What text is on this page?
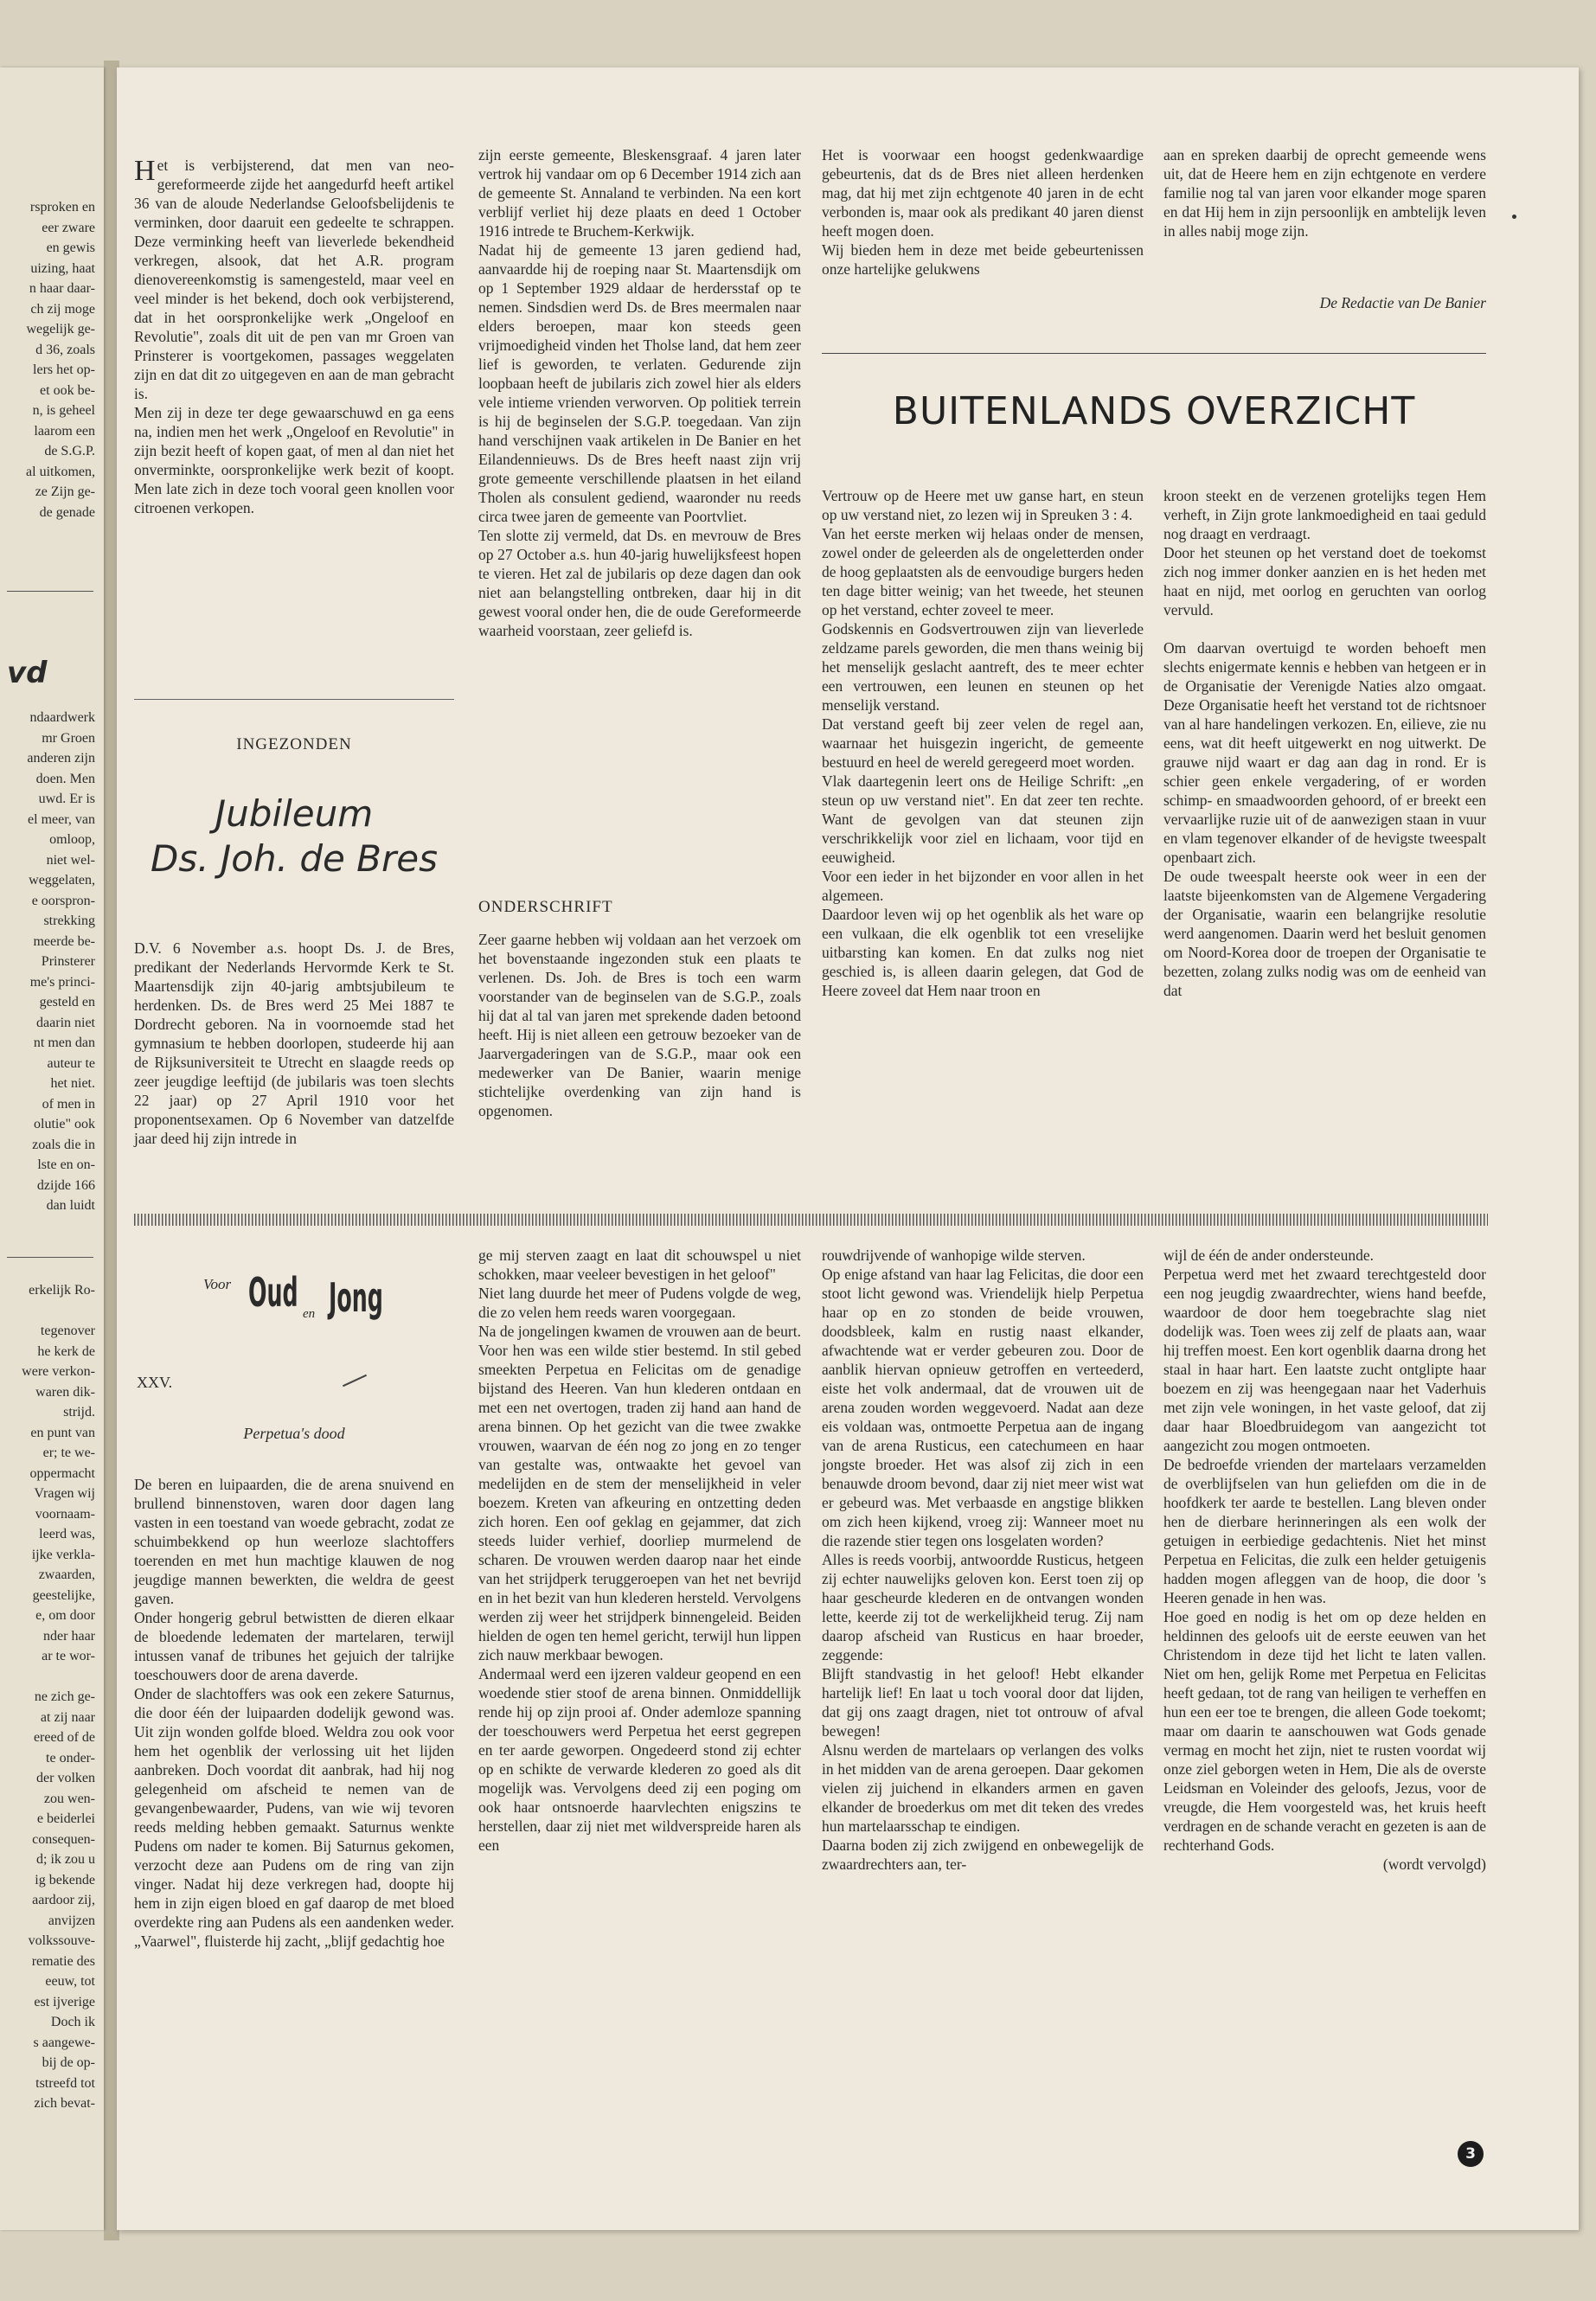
rsproken en
eer zware
en gewis
uizing, haat
n haar daar-
ch zij moge
wegelijk ge-
d 36, zoals
lers het op-
et ook be-
n, is geheel
laarom een
de S.G.P.
al uitkomen,
ze Zijn ge-
de genade
vd
ndaardwerk
mr Groen
anderen zijn
doen. Men
uwd. Er is
el meer, van
omloop,
niet wel-
weggelaten,
e oorspron-
strekking
meerde be-
Prinsterer
me's princi-
gesteld en
daarin niet
nt men dan
auteur te
het niet.
of men in
olutie" ook
zoals die in
lste en on-
dzijde 166
dan luidt
erkelijk Ro-

tegenover
he kerk de
were verkon-
waren dik-
strijd.
en punt van
er; te we-
oppermacht
Vragen wij
voornaam-
leerd was,
ijke verkla-
zwaarden,
geestelijke,
e, om door
nder haar
ar te wor-

ne zich ge-
at zij naar
ereed of de
te onder-
der volken
zou wen-
e beiderlei
consequen-
d; ik zou u
ig bekende
aardoor zij,
anvijzen
volkssouve-
rematie des
eeuw, tot
est ijverige
Doch ik
s aangewe-
bij de op-
tstreefd tot
zich bevat-

Het is verbijsterend, dat men van neo-gereformeerde zijde het aangedurfd heeft artikel 36 van de aloude Nederlandse Geloofsbelijdenis te verminken, door daaruit een gedeelte te schrappen. Deze verminking heeft van lieverlede bekendheid verkregen, alsook, dat het A.R. program dienovereenkomstig is samengesteld, maar veel en veel minder is het bekend, doch ook verbijsterend, dat in het oorspronkelijke werk „Ongeloof en Revolutie", zoals dit uit de pen van mr Groen van Prinsterer is voortgekomen, passages weggelaten zijn en dat dit zo uitgegeven en aan de man gebracht is.

Men zij in deze ter dege gewaarschuwd en ga eens na, indien men het werk „Ongeloof en Revolutie" in zijn bezit heeft of kopen gaat, of men al dan niet het onverminkte, oorspronkelijke werk bezit of koopt. Men late zich in deze toch vooral geen knollen voor citroenen verkopen.

INGEZONDEN
Jubileum
Ds. Joh. de Bres

D.V. 6 November a.s. hoopt Ds. J. de Bres, predikant der Nederlands Hervormde Kerk te St. Maartensdijk zijn 40-jarig ambtsjubileum te herdenken. Ds. de Bres werd 25 Mei 1887 te Dordrecht geboren. Na in voornoemde stad het gymnasium te hebben doorlopen, studeerde hij aan de Rijksuniversiteit te Utrecht en slaagde reeds op zeer jeugdige leeftijd (de jubilaris was toen slechts 22 jaar) op 27 April 1910 voor het proponentsexamen. Op 6 November van datzelfde jaar deed hij zijn intrede in

zijn eerste gemeente, Bleskensgraaf. 4 jaren later vertrok hij vandaar om op 6 December 1914 zich aan de gemeente St. Annaland te verbinden. Na een kort verblijf verliet hij deze plaats en deed 1 October 1916 intrede te Bruchem-Kerkwijk.

Nadat hij de gemeente 13 jaren gediend had, aanvaardde hij de roeping naar St. Maartensdijk om op 1 September 1929 aldaar de herdersstaf op te nemen. Sindsdien werd Ds. de Bres meermalen naar elders beroepen, maar kon steeds geen vrijmoedigheid vinden het Tholse land, dat hem zeer lief is geworden, te verlaten. Gedurende zijn loopbaan heeft de jubilaris zich zowel hier als elders vele intieme vrienden verworven. Op politiek terrein is hij de beginselen der S.G.P. toegedaan. Van zijn hand verschijnen vaak artikelen in De Banier en het Eilandennieuws. Ds de Bres heeft naast zijn vrij grote gemeente verschillende plaatsen in het eiland Tholen als consulent gediend, waaronder nu reeds circa twee jaren de gemeente van Poortvliet.

Ten slotte zij vermeld, dat Ds. en mevrouw de Bres op 27 October a.s. hun 40-jarig huwelijksfeest hopen te vieren. Het zal de jubilaris op deze dagen dan ook niet aan belangstelling ontbreken, daar hij in dit gewest vooral onder hen, die de oude Gereformeerde waarheid voorstaan, zeer geliefd is.

ONDERSCHRIFT

Zeer gaarne hebben wij voldaan aan het verzoek om het bovenstaande ingezonden stuk een plaats te verlenen. Ds. Joh. de Bres is toch een warm voorstander van de beginselen van de S.G.P., zoals hij dat al tal van jaren met sprekende daden betoond heeft. Hij is niet alleen een getrouw bezoeker van de Jaarvergaderingen van de S.G.P., maar ook een medewerker van De Banier, waarin menige stichtelijke overdenking van zijn hand is opgenomen.

Het is voorwaar een hoogst gedenkwaardige gebeurtenis, dat ds de Bres niet alleen herdenken mag, dat hij met zijn echtgenote 40 jaren in de echt verbonden is, maar ook als predikant 40 jaren dienst heeft mogen doen.

Wij bieden hem in deze met beide gebeurtenissen onze hartelijke gelukwens

aan en spreken daarbij de oprecht gemeende wens uit, dat de Heere hem en zijn echtgenote en verdere familie nog tal van jaren voor elkander moge sparen en dat Hij hem in zijn persoonlijk en ambtelijk leven in alles nabij moge zijn.

De Redactie van De Banier
BUITENLANDS OVERZICHT

Vertrouw op de Heere met uw ganse hart, en steun op uw verstand niet, zo lezen wij in Spreuken 3 : 4.

Van het eerste merken wij helaas onder de mensen, zowel onder de geleerden als de ongeletterden onder de hoog geplaatsten als de eenvoudige burgers heden ten dage bitter weinig; van het tweede, het steunen op het verstand, echter zoveel te meer.

Godskennis en Godsvertrouwen zijn van lieverlede zeldzame parels geworden, die men thans weinig bij het menselijk geslacht aantreft, des te meer echter een vertrouwen, een leunen en steunen op het menselijk verstand.

Dat verstand geeft bij zeer velen de regel aan, waarnaar het huisgezin ingericht, de gemeente bestuurd en heel de wereld geregeerd moet worden.

Vlak daartegenin leert ons de Heilige Schrift: „en steun op uw verstand niet". En dat zeer ten rechte. Want de gevolgen van dat steunen zijn verschrikkelijk voor ziel en lichaam, voor tijd en eeuwigheid.

Voor een ieder in het bijzonder en voor allen in het algemeen.

Daardoor leven wij op het ogenblik als het ware op een vulkaan, die elk ogenblik tot een vreselijke uitbarsting kan komen. En dat zulks nog niet geschied is, is alleen daarin gelegen, dat God de Heere zoveel dat Hem naar troon en

kroon steekt en de verzenen grotelijks tegen Hem verheft, in Zijn grote lankmoedigheid en taai geduld nog draagt en verdraagt.

Door het steunen op het verstand doet de toekomst zich nog immer donker aanzien en is het heden met haat en nijd, met oorlog en geruchten van oorlog vervuld.

Om daarvan overtuigd te worden behoeft men slechts enigermate kennis e hebben van hetgeen er in de Organisatie der Verenigde Naties alzo omgaat. Deze Organisatie heeft het verstand tot de richtsnoer van al hare handelingen verkozen. En, eilieve, zie nu eens, wat dit heeft uitgewerkt en nog uitwerkt. De grauwe nijd waart er dag aan dag in rond. Er is schier geen enkele vergadering, of er worden schimp- en smaadwoorden gehoord, of er breekt een vervaarlijke ruzie uit of de aanwezigen staan in vuur en vlam tegenover elkander of de hevigste tweespalt openbaart zich.

De oude tweespalt heerste ook weer in een der laatste bijeenkomsten van de Algemene Vergadering der Organisatie, waarin een belangrijke resolutie werd aangenomen. Daarin werd het besluit genomen om Noord-Korea door de troepen der Organisatie te bezetten, zolang zulks nodig was om de eenheid van dat

Voor Oud en Jong
XXV.
Perpetua's dood

De beren en luipaarden, die de arena snuivend en brullend binnenstoven, waren door dagen lang vasten in een toestand van woede gebracht, zodat ze schuimbekkend op hun weerloze slachtoffers toerenden en met hun machtige klauwen de nog jeugdige mannen bewerkten, die weldra de geest gaven.

Onder hongerig gebrul betwistten de dieren elkaar de bloedende ledematen der martelaren, terwijl intussen vanaf de tribunes het gejuich der talrijke toeschouwers door de arena daverde.

Onder de slachtoffers was ook een zekere Saturnus, die door één der luipaarden dodelijk gewond was. Uit zijn wonden golfde bloed. Weldra zou ook voor hem het ogenblik der verlossing uit het lijden aanbreken. Doch voordat dit aanbrak, had hij nog gelegenheid om afscheid te nemen van de gevangenbewaarder, Pudens, van wie wij tevoren reeds melding hebben gemaakt. Saturnus wenkte Pudens om nader te komen. Bij Saturnus gekomen, verzocht deze aan Pudens om de ring van zijn vinger. Nadat hij deze verkregen had, doopte hij hem in zijn eigen bloed en gaf daarop de met bloed overdekte ring aan Pudens als een aandenken weder. „Vaarwel", fluisterde hij zacht, „blijf gedachtig hoe

ge mij sterven zaagt en laat dit schouwspel u niet schokken, maar veeleer bevestigen in het geloof"

Niet lang duurde het meer of Pudens volgde de weg, die zo velen hem reeds waren voorgegaan.

Na de jongelingen kwamen de vrouwen aan de beurt. Voor hen was een wilde stier bestemd. In stil gebed smeekten Perpetua en Felicitas om de genadige bijstand des Heeren. Van hun klederen ontdaan en met een net overtogen, traden zij hand aan hand de arena binnen. Op het gezicht van die twee zwakke vrouwen, waarvan de één nog zo jong en zo tenger van gestalte was, ontwaakte het gevoel van medelijden en de stem der menselijkheid in veler boezem. Kreten van afkeuring en ontzetting deden zich horen. Een oof geklag en gejammer, dat zich steeds luider verhief, doorliep murmelend de scharen. De vrouwen werden daarop naar het einde van het strijdperk teruggeroepen van het net bevrijd en in het bezit van hun klederen hersteld. Vervolgens werden zij weer het strijdperk binnengeleid. Beiden hielden de ogen ten hemel gericht, terwijl hun lippen zich nauw merkbaar bewogen.

Andermaal werd een ijzeren valdeur geopend en een woedende stier stoof de arena binnen. Onmiddellijk rende hij op zijn prooi af. Onder ademloze spanning der toeschouwers werd Perpetua het eerst gegrepen en ter aarde geworpen. Ongedeerd stond zij echter op en schikte de verwarde klederen zo goed als dit mogelijk was. Vervolgens deed zij een poging om ook haar ontsnoerde haarvlechten enigszins te herstellen, daar zij niet met wildverspreide haren als een

rouwdrijvende of wanhopige wilde sterven.

Op enige afstand van haar lag Felicitas, die door een stoot licht gewond was. Vriendelijk hielp Perpetua haar op en zo stonden de beide vrouwen, doodsbleek, kalm en rustig naast elkander, afwachtende wat er verder gebeuren zou. Door de aanblik hiervan opnieuw getroffen en verteederd, eiste het volk andermaal, dat de vrouwen uit de arena zouden worden weggevoerd. Nadat aan deze eis voldaan was, ontmoette Perpetua aan de ingang van de arena Rusticus, een catechumeen en haar jongste broeder. Het was alsof zij zich in een benauwde droom bevond, daar zij niet meer wist wat er gebeurd was. Met verbaasde en angstige blikken om zich heen kijkend, vroeg zij: Wanneer moet nu die razende stier tegen ons losgelaten worden?

Alles is reeds voorbij, antwoordde Rusticus, hetgeen zij echter nauwelijks geloven kon. Eerst toen zij op haar gescheurde klederen en de ontvangen wonden lette, keerde zij tot de werkelijkheid terug. Zij nam daarop afscheid van Rusticus en haar broeder, zeggende:

Blijft standvastig in het geloof! Hebt elkander hartelijk lief! En laat u toch vooral door dat lijden, dat gij ons zaagt dragen, niet tot ontrouw of afval bewegen!

Alsnu werden de martelaars op verlangen des volks in het midden van de arena geroepen. Daar gekomen vielen zij juichend in elkanders armen en gaven elkander de broederkus om met dit teken des vredes hun martelaarsschap te eindigen.

Daarna boden zij zich zwijgend en onbewegelijk de zwaardrechters aan, ter-

wijl de één de ander ondersteunde.

Perpetua werd met het zwaard terechtgesteld door een nog jeugdig zwaardrechter, wiens hand beefde, waardoor de door hem toegebrachte slag niet dodelijk was. Toen wees zij zelf de plaats aan, waar hij treffen moest. Een kort ogenblik daarna drong het staal in haar hart. Een laatste zucht ontglipte haar boezem en zij was heengegaan naar het Vaderhuis met zijn vele woningen, in het vaste geloof, dat zij daar haar Bloedbruidegom van aangezicht tot aangezicht zou mogen ontmoeten.

De bedroefde vrienden der martelaars verzamelden de overblijfselen van hun geliefden om die in de hoofdkerk ter aarde te bestellen. Lang bleven onder hen de dierbare herinneringen als een wolk der getuigen in eerbiedige gedachtenis. Niet het minst Perpetua en Felicitas, die zulk een helder getuigenis hadden mogen afleggen van de hoop, die door 's Heeren genade in hen was.

Hoe goed en nodig is het om op deze helden en heldinnen des geloofs uit de eerste eeuwen van het Christendom in deze tijd het licht te laten vallen. Niet om hen, gelijk Rome met Perpetua en Felicitas heeft gedaan, tot de rang van heiligen te verheffen en hun een eer toe te brengen, die alleen Gode toekomt; maar om daarin te aanschouwen wat Gods genade vermag en mocht het zijn, niet te rusten voordat wij onze ziel geborgen weten in Hem, Die als de overste Leidsman en Voleinder des geloofs, Jezus, voor de vreugde, die Hem voorgesteld was, het kruis heeft verdragen en de schande veracht en gezeten is aan de rechterhand Gods.

(wordt vervolgd)

3
